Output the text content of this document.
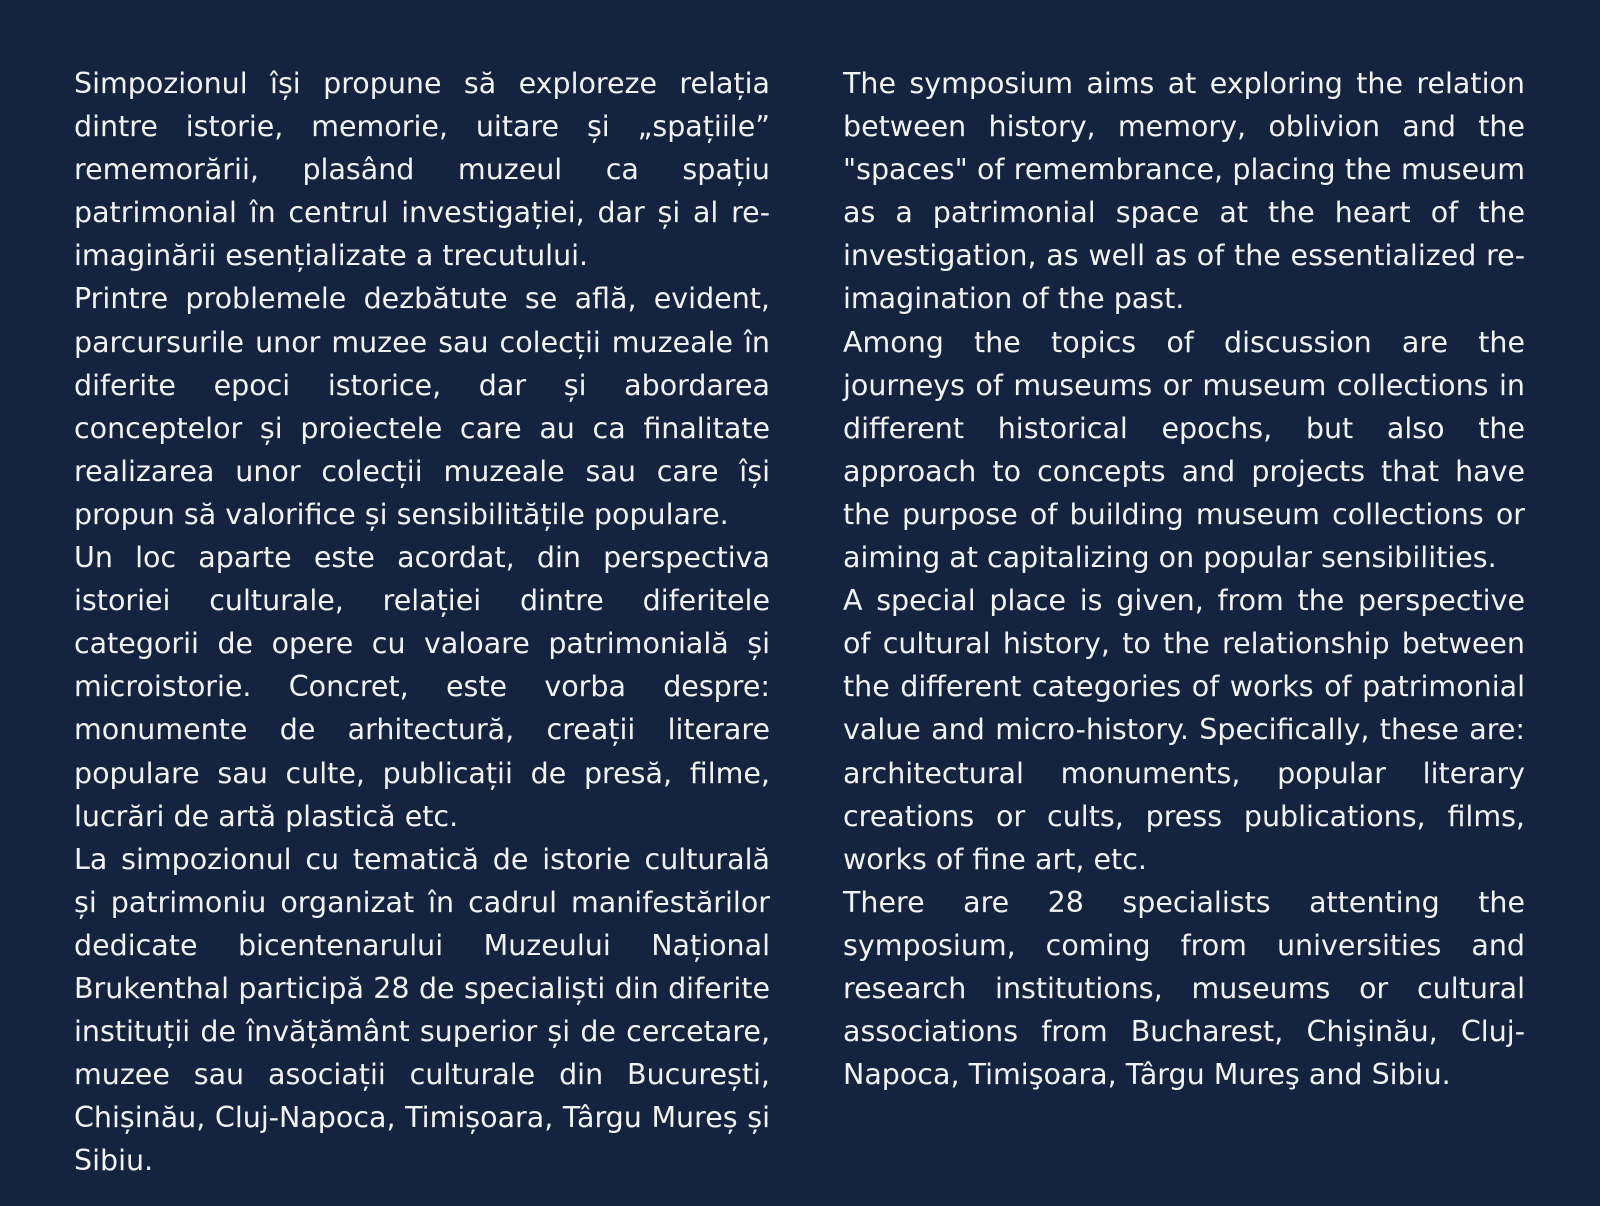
Simpozionul își propune să exploreze relația dintre istorie, memorie, uitare și „spațiile” rememorării, plasând muzeul ca spațiu patrimonial în centrul investigației, dar și al re-imaginării esențializate a trecutului.

Printre problemele dezbătute se află, evident, parcursurile unor muzee sau colecții muzeale în diferite epoci istorice, dar și abordarea conceptelor și proiectele care au ca finalitate realizarea unor colecții muzeale sau care își propun să valorifice și sensibilitățile populare.

Un loc aparte este acordat, din perspectiva istoriei culturale, relației dintre diferitele categorii de opere cu valoare patrimonială și microistorie. Concret, este vorba despre: monumente de arhitectură, creații literare populare sau culte, publicații de presă, filme, lucrări de artă plastică etc.

La simpozionul cu tematică de istorie culturală și patrimoniu organizat în cadrul manifestărilor dedicate bicentenarului Muzeului Național Brukenthal participă 28 de specialiști din diferite instituții de învățământ superior și de cercetare, muzee sau asociații culturale din București, Chișinău, Cluj-Napoca, Timișoara, Târgu Mureș și Sibiu.

The symposium aims at exploring the relation between history, memory, oblivion and the "spaces" of remembrance, placing the museum as a patrimonial space at the heart of the investigation, as well as of the essentialized re-imagination of the past.

Among the topics of discussion are the journeys of museums or museum collections in different historical epochs, but also the approach to concepts and projects that have the purpose of building museum collections or aiming at capitalizing on popular sensibilities.

A special place is given, from the perspective of cultural history, to the relationship between the different categories of works of patrimonial value and micro-history. Specifically, these are: architectural monuments, popular literary creations or cults, press publications, films, works of fine art, etc.

There are 28 specialists attenting the symposium, coming from universities and research institutions, museums or cultural associations from Bucharest, Chişinău, Cluj-Napoca, Timişoara, Târgu Mureş and Sibiu.
